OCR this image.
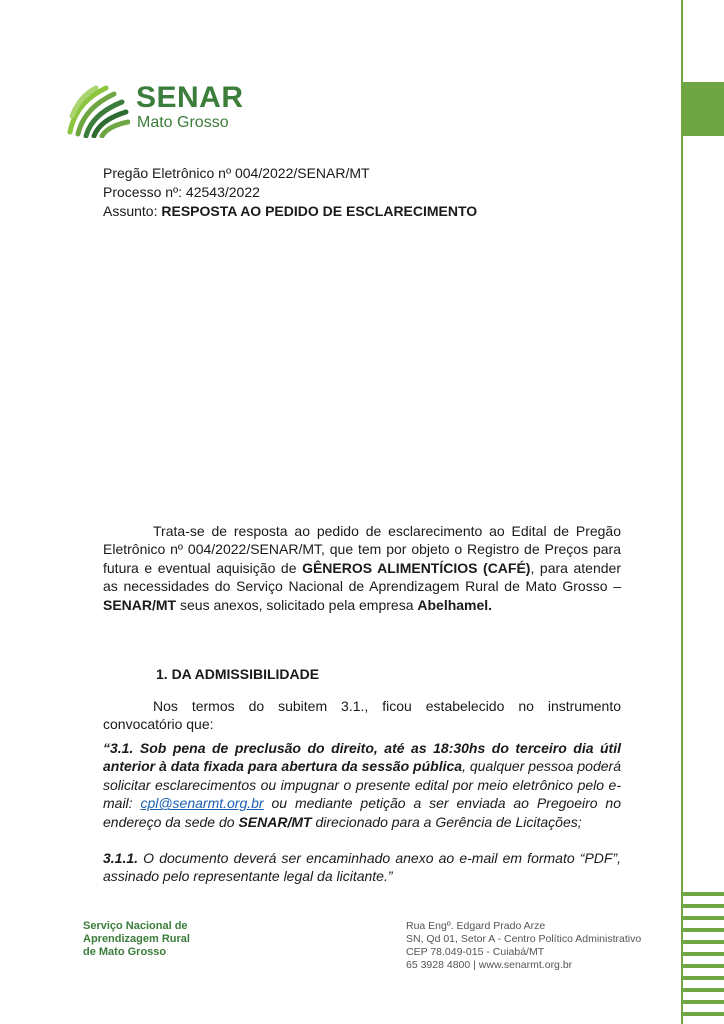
SENAR
Mato Grosso
Pregão Eletrônico nº 004/2022/SENAR/MT
Processo nº: 42543/2022
Assunto: RESPOSTA AO PEDIDO DE ESCLARECIMENTO
Trata-se de resposta ao pedido de esclarecimento ao Edital de Pregão Eletrônico nº 004/2022/SENAR/MT, que tem por objeto o Registro de Preços para futura e eventual aquisição de GÊNEROS ALIMENTÍCIOS (CAFÉ), para atender as necessidades do Serviço Nacional de Aprendizagem Rural de Mato Grosso – SENAR/MT seus anexos, solicitado pela empresa Abelhamel.
1. DA ADMISSIBILIDADE
Nos termos do subitem 3.1., ficou estabelecido no instrumento convocatório que:
“3.1. Sob pena de preclusão do direito, até as 18:30hs do terceiro dia útil anterior à data fixada para abertura da sessão pública, qualquer pessoa poderá solicitar esclarecimentos ou impugnar o presente edital por meio eletrônico pelo e-mail: cpl@senarmt.org.br ou mediante petição a ser enviada ao Pregoeiro no endereço da sede do SENAR/MT direcionado para a Gerência de Licitações;
3.1.1. O documento deverá ser encaminhado anexo ao e-mail em formato “PDF”, assinado pelo representante legal da licitante.”
Serviço Nacional de
Aprendizagem Rural
de Mato Grosso
Rua Engº. Edgard Prado Arze
SN, Qd 01, Setor A - Centro Político Administrativo
CEP 78.049-015 - Cuiabá/MT
65 3928 4800 | www.senarmt.org.br
